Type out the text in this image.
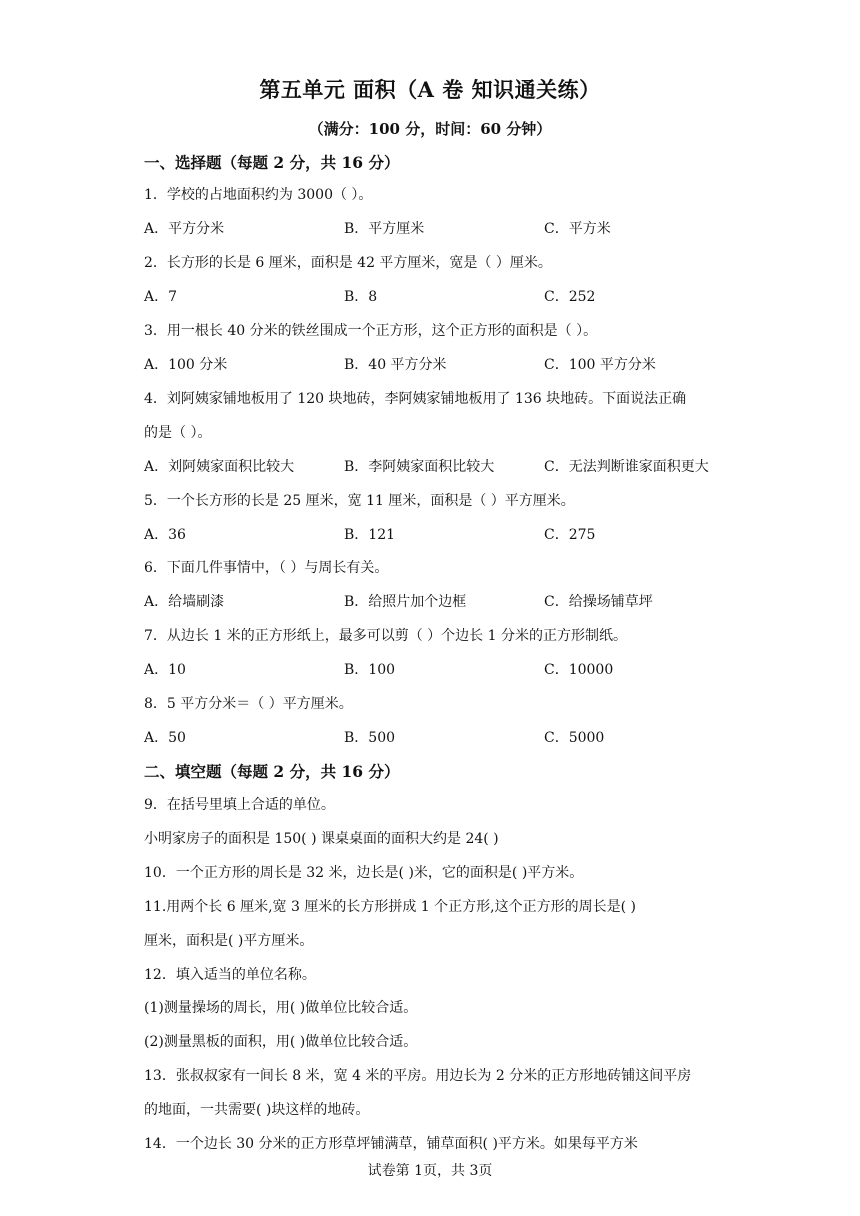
第五单元 面积（A 卷 知识通关练）
（满分：100 分，时间：60 分钟）
一、选择题（每题 2 分，共 16 分）
1．学校的占地面积约为 3000（ ）。
A．平方分米	B．平方厘米	C．平方米
2．长方形的长是 6 厘米，面积是 42 平方厘米，宽是（ ）厘米。
A．7	B．8	C．252
3．用一根长 40 分米的铁丝围成一个正方形，这个正方形的面积是（ ）。
A．100 分米	B．40 平方分米	C．100 平方分米
4．刘阿姨家铺地板用了 120 块地砖，李阿姨家铺地板用了 136 块地砖。下面说法正确
的是（ ）。
A．刘阿姨家面积比较大	B．李阿姨家面积比较大	C．无法判断谁家面积更大
5．一个长方形的长是 25 厘米，宽 11 厘米，面积是（ ）平方厘米。
A．36	B．121	C．275
6．下面几件事情中，（ ）与周长有关。
A．给墙刷漆	B．给照片加个边框	C．给操场铺草坪
7．从边长 1 米的正方形纸上，最多可以剪（ ）个边长 1 分米的正方形制纸。
A．10	B．100	C．10000
8．5 平方分米＝（ ）平方厘米。
A．50	B．500	C．5000
二、填空题（每题 2 分，共 16 分）
9．在括号里填上合适的单位。
小明家房子的面积是 150( ) 课桌桌面的面积大约是 24( )
10．一个正方形的周长是 32 米，边长是( )米，它的面积是( )平方米。
11.用两个长 6 厘米,宽 3 厘米的长方形拼成 1 个正方形,这个正方形的周长是( )
厘米，面积是( )平方厘米。
12．填入适当的单位名称。
(1)测量操场的周长，用( )做单位比较合适。
(2)测量黑板的面积，用( )做单位比较合适。
13．张叔叔家有一间长 8 米，宽 4 米的平房。用边长为 2 分米的正方形地砖铺这间平房
的地面，一共需要( )块这样的地砖。
14．一个边长 30 分米的正方形草坪铺满草，铺草面积( )平方米。如果每平方米
试卷第 1页，共 3页
